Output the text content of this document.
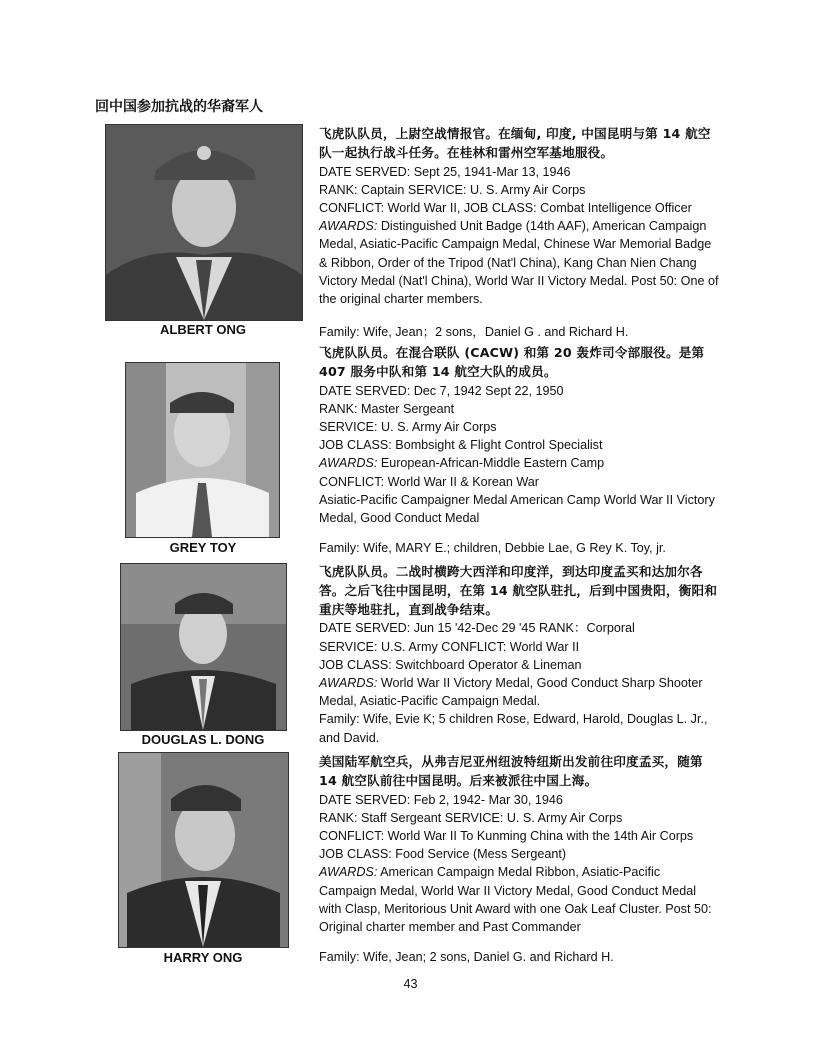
回中国参加抗战的华裔军人
ALBERT ONG
飞虎队队员，上尉空战情报官。在缅甸, 印度, 中国昆明与第 14 航空队一起执行战斗任务。在桂林和雷州空军基地服役。
DATE SERVED: Sept 25, 1941-Mar 13, 1946
RANK: Captain SERVICE: U. S. Army Air Corps
CONFLICT: World War II, JOB CLASS: Combat Intelligence Officer
AWARDS: Distinguished Unit Badge (14th AAF), American Campaign Medal, Asiatic-Pacific Campaign Medal, Chinese War Memorial Badge & Ribbon, Order of the Tripod (Nat'l China), Kang Chan Nien Chang Victory Medal (Nat'l China), World War II Victory Medal. Post 50: One of the original charter members.
Family: Wife, Jean；2 sons，Daniel G . and Richard H.
GREY TOY
飞虎队队员。在混合联队 (CACW) 和第 20 轰炸司令部服役。是第 407 服务中队和第 14 航空大队的成员。
DATE SERVED: Dec 7, 1942 Sept 22, 1950
RANK: Master Sergeant
SERVICE: U. S. Army Air Corps
JOB CLASS: Bombsight & Flight Control Specialist
AWARDS: European-African-Middle Eastern Camp
CONFLICT: World War II & Korean War
Asiatic-Pacific Campaigner Medal American Camp World War II Victory Medal, Good Conduct Medal
Family: Wife, MARY E.; children, Debbie Lae, G Rey K. Toy, jr.
DOUGLAS L. DONG
飞虎队队员。二战时横跨大西洋和印度洋，到达印度孟买和达加尔各答。之后飞往中国昆明，在第 14 航空队驻扎，后到中国贵阳，衡阳和重庆等地驻扎，直到战争结束。
DATE SERVED: Jun 15 '42-Dec 29 '45 RANK：Corporal
SERVICE: U.S. Army CONFLICT: World War II
JOB CLASS: Switchboard Operator & Lineman
AWARDS: World War II Victory Medal, Good Conduct Sharp Shooter Medal, Asiatic-Pacific Campaign Medal.
Family: Wife, Evie K; 5 children Rose, Edward, Harold, Douglas L. Jr., and David.
HARRY ONG
美国陆军航空兵，从弗吉尼亚州纽波特纽斯出发前往印度孟买，随第 14 航空队前往中国昆明。后来被派往中国上海。
DATE SERVED: Feb 2, 1942- Mar 30, 1946
RANK: Staff Sergeant SERVICE: U. S. Army Air Corps
CONFLICT: World War II To Kunming China with the 14th Air Corps
JOB CLASS: Food Service (Mess Sergeant)
AWARDS: American Campaign Medal Ribbon, Asiatic-Pacific Campaign Medal, World War II Victory Medal, Good Conduct Medal with Clasp, Meritorious Unit Award with one Oak Leaf Cluster. Post 50: Original charter member and Past Commander
Family: Wife, Jean; 2 sons, Daniel G. and Richard H.
43
